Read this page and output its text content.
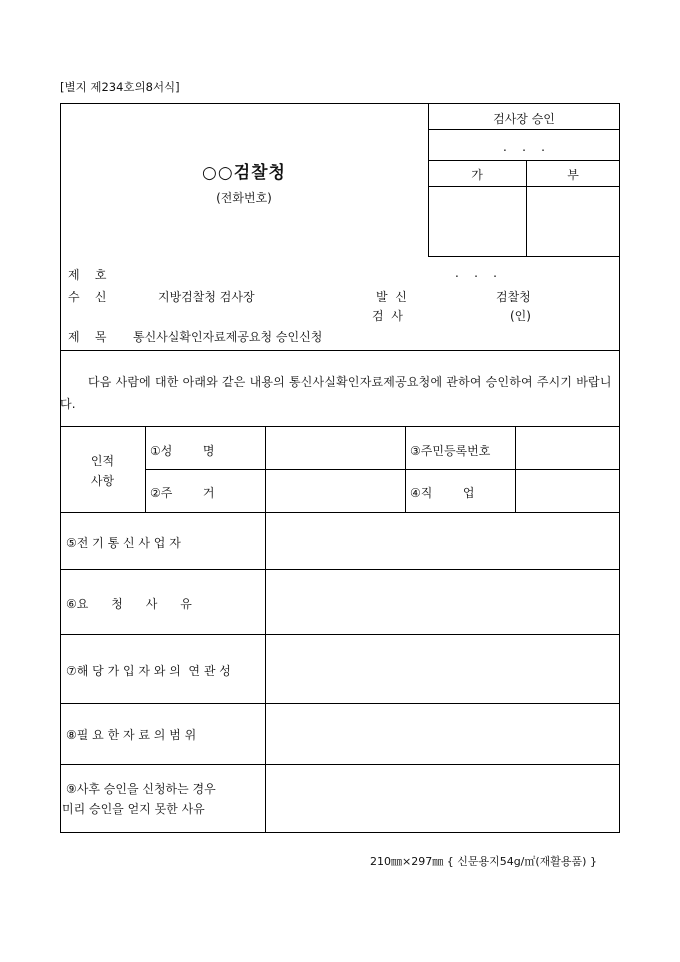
[별지 제234호의8서식]
검사장 승인
.    .    .
가	부
○○검찰청
(전화번호)
제    호	.    .    .
수    신	지방검찰청 검사장	발  신	검찰청
검  사	(인)
제    목 통신사실확인자료제공요청 승인신청
다음 사람에 대한 아래와 같은 내용의 통신사실확인자료제공요청에 관하여 승인하여 주시기 바랍니다.
인적
사항
①성        명	③주민등록번호
②주        거	④직        업
⑤전 기 통 신 사 업 자
⑥요      청      사      유
⑦해 당 가 입 자 와 의  연 관 성
⑧필 요 한 자 료 의 범 위
⑨사후 승인을 신청하는 경우
미리 승인을 얻지 못한 사유
210㎜×297㎜ { 신문용지54g/㎡(재활용품) }
